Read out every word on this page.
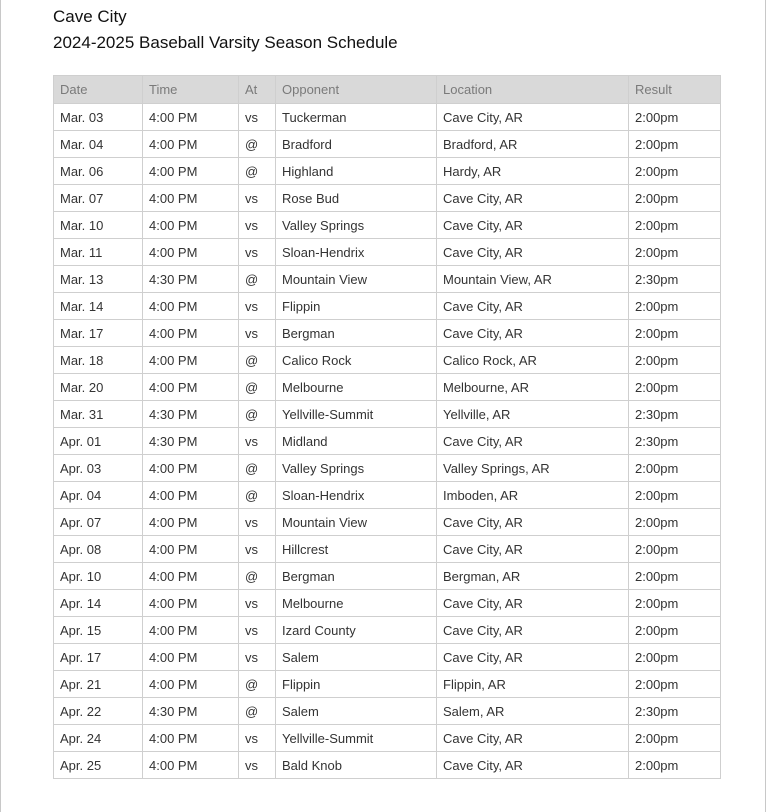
Cave City
2024-2025 Baseball Varsity Season Schedule
Date	Time	At	Opponent	Location	Result
Mar. 03	4:00 PM	vs	Tuckerman	Cave City, AR	2:00pm
Mar. 04	4:00 PM	@	Bradford	Bradford, AR	2:00pm
Mar. 06	4:00 PM	@	Highland	Hardy, AR	2:00pm
Mar. 07	4:00 PM	vs	Rose Bud	Cave City, AR	2:00pm
Mar. 10	4:00 PM	vs	Valley Springs	Cave City, AR	2:00pm
Mar. 11	4:00 PM	vs	Sloan-Hendrix	Cave City, AR	2:00pm
Mar. 13	4:30 PM	@	Mountain View	Mountain View, AR	2:30pm
Mar. 14	4:00 PM	vs	Flippin	Cave City, AR	2:00pm
Mar. 17	4:00 PM	vs	Bergman	Cave City, AR	2:00pm
Mar. 18	4:00 PM	@	Calico Rock	Calico Rock, AR	2:00pm
Mar. 20	4:00 PM	@	Melbourne	Melbourne, AR	2:00pm
Mar. 31	4:30 PM	@	Yellville-Summit	Yellville, AR	2:30pm
Apr. 01	4:30 PM	vs	Midland	Cave City, AR	2:30pm
Apr. 03	4:00 PM	@	Valley Springs	Valley Springs, AR	2:00pm
Apr. 04	4:00 PM	@	Sloan-Hendrix	Imboden, AR	2:00pm
Apr. 07	4:00 PM	vs	Mountain View	Cave City, AR	2:00pm
Apr. 08	4:00 PM	vs	Hillcrest	Cave City, AR	2:00pm
Apr. 10	4:00 PM	@	Bergman	Bergman, AR	2:00pm
Apr. 14	4:00 PM	vs	Melbourne	Cave City, AR	2:00pm
Apr. 15	4:00 PM	vs	Izard County	Cave City, AR	2:00pm
Apr. 17	4:00 PM	vs	Salem	Cave City, AR	2:00pm
Apr. 21	4:00 PM	@	Flippin	Flippin, AR	2:00pm
Apr. 22	4:30 PM	@	Salem	Salem, AR	2:30pm
Apr. 24	4:00 PM	vs	Yellville-Summit	Cave City, AR	2:00pm
Apr. 25	4:00 PM	vs	Bald Knob	Cave City, AR	2:00pm
